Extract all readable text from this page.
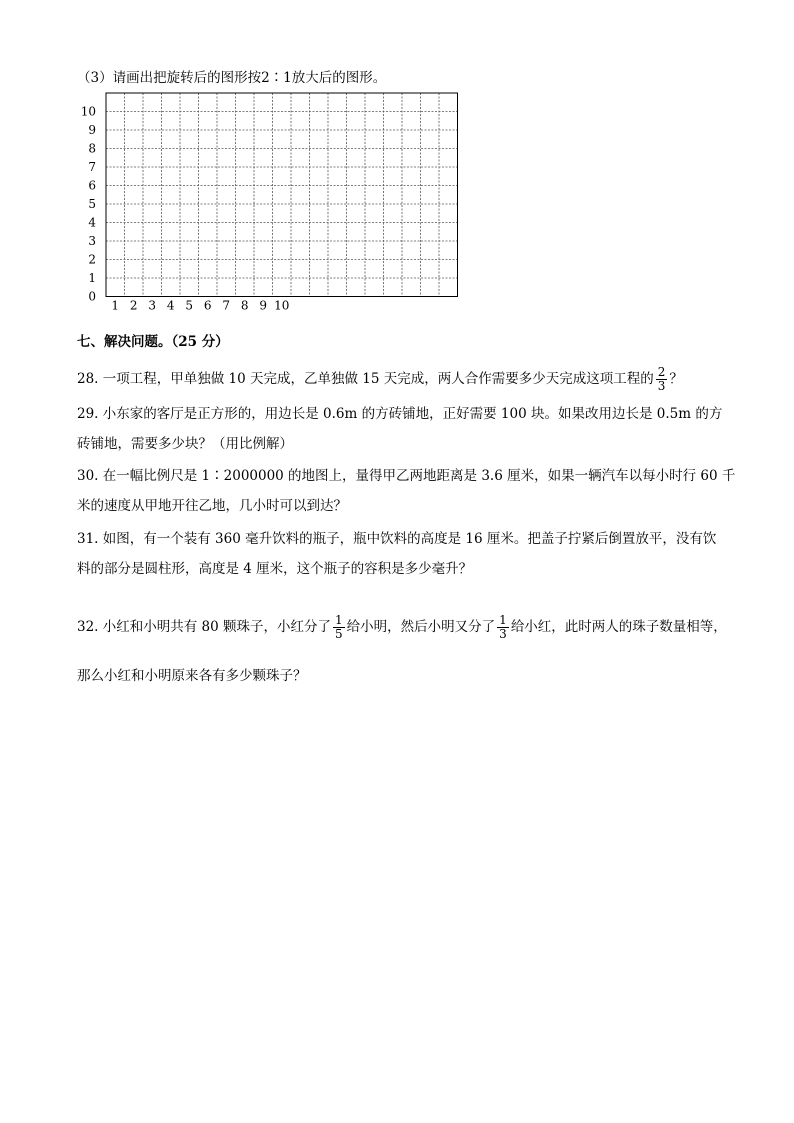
（3）请画出把旋转后的图形按2∶1放大后的图形。
0
1
2
3
4
5
6
7
8
9
10
1 2 3 4 5 6 7 8 9 10
七、解决问题。（25 分）
28. 一项工程，甲单独做 10 天完成，乙单独做 15 天完成，两人合作需要多少天完成这项工程的 $\frac{2}{3}$ ？
29. 小东家的客厅是正方形的，用边长是 0.6m 的方砖铺地，正好需要 100 块。如果改用边长是 0.5m 的方
砖铺地，需要多少块？（用比例解）
30. 在一幅比例尺是 1∶2000000 的地图上，量得甲乙两地距离是 3.6 厘米，如果一辆汽车以每小时行 60 千
米的速度从甲地开往乙地，几小时可以到达？
31. 如图，有一个装有 360 毫升饮料的瓶子，瓶中饮料的高度是 16 厘米。把盖子拧紧后倒置放平，没有饮
料的部分是圆柱形，高度是 4 厘米，这个瓶子的容积是多少毫升？
32. 小红和小明共有 80 颗珠子，小红分了 $\frac{1}{5}$ 给小明，然后小明又分了 $\frac{1}{3}$ 给小红，此时两人的珠子数量相等，
那么小红和小明原来各有多少颗珠子？
